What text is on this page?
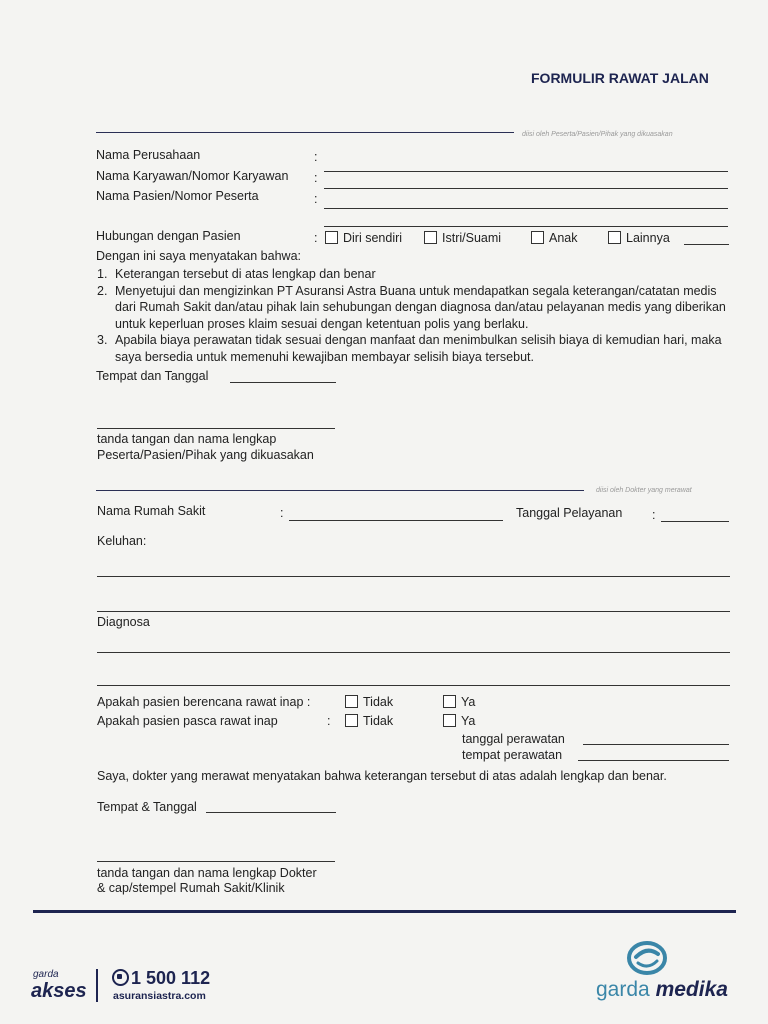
FORMULIR RAWAT JALAN
diisi oleh Peserta/Pasien/Pihak yang dikuasakan
Nama Perusahaan	:
Nama Karyawan/Nomor Karyawan :
Nama Pasien/Nomor Peserta	:
Hubungan dengan Pasien	:	Diri sendiri	Istri/Suami	Anak	Lainnya
Dengan ini saya menyatakan bahwa:
1. Keterangan tersebut di atas lengkap dan benar
2. Menyetujui dan mengizinkan PT Asuransi Astra Buana untuk mendapatkan segala keterangan/catatan medis dari Rumah Sakit dan/atau pihak lain sehubungan dengan diagnosa dan/atau pelayanan medis yang diberikan untuk keperluan proses klaim sesuai dengan ketentuan polis yang berlaku.
3. Apabila biaya perawatan tidak sesuai dengan manfaat dan menimbulkan selisih biaya di kemudian hari, maka saya bersedia untuk memenuhi kewajiban membayar selisih biaya tersebut.
Tempat dan Tanggal
tanda tangan dan nama lengkap
Peserta/Pasien/Pihak yang dikuasakan
diisi oleh Dokter yang merawat
Nama Rumah Sakit	:	Tanggal Pelayanan :
Keluhan:
Diagnosa
Apakah pasien berencana rawat inap :	Tidak	Ya
Apakah pasien pasca rawat inap	:	Tidak	Ya
tanggal perawatan
tempat perawatan
Saya, dokter yang merawat menyatakan bahwa keterangan tersebut di atas adalah lengkap dan benar.
Tempat & Tanggal
tanda tangan dan nama lengkap Dokter
& cap/stempel Rumah Sakit/Klinik
garda
akses
1 500 112
asuransiastra.com	garda medika
